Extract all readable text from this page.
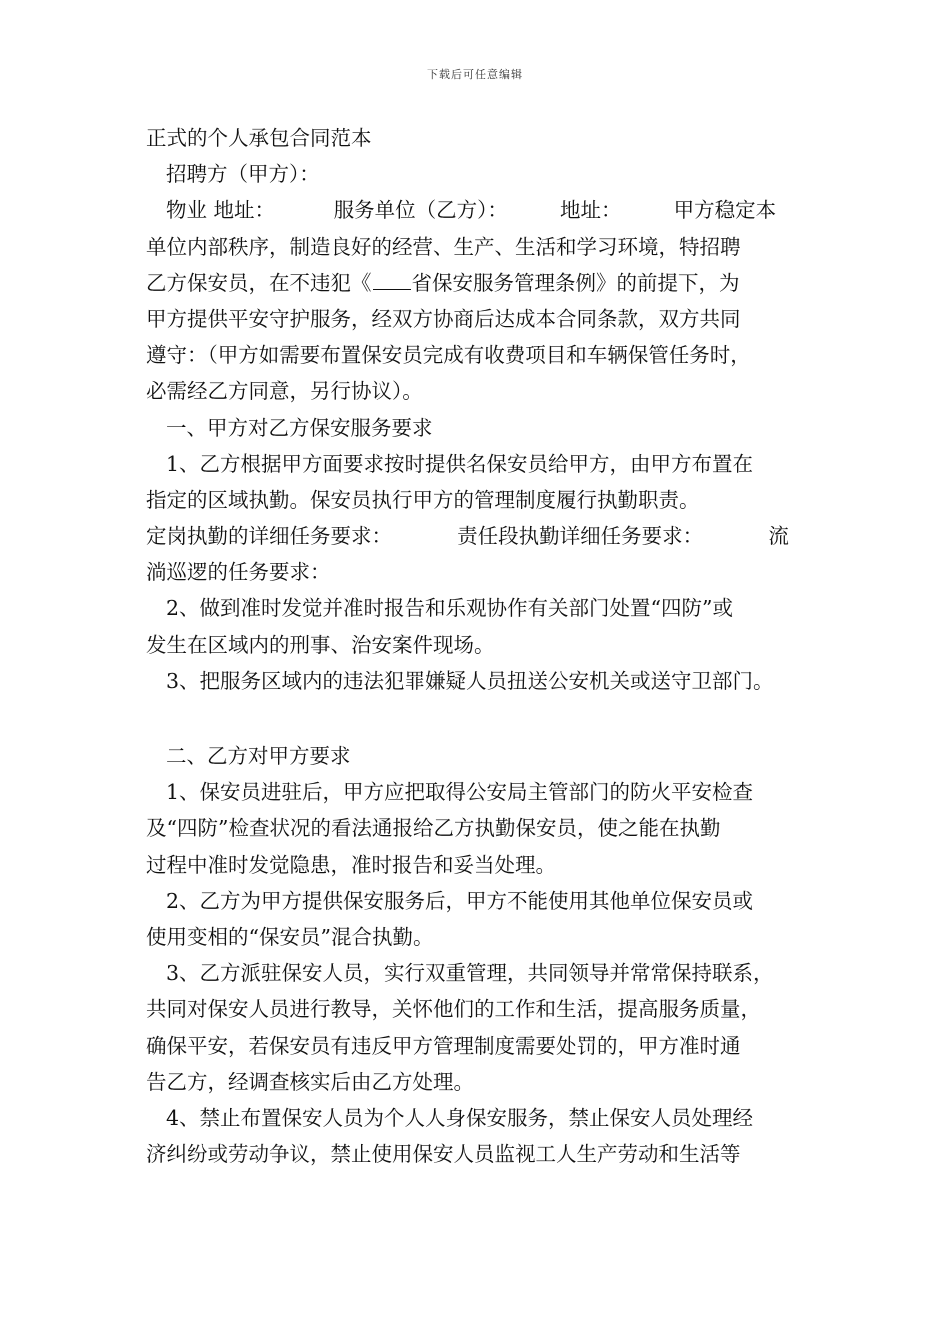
下载后可任意编辑
正式的个人承包合同范本
招聘方（甲方）：
物业 地址：         服务单位（乙方）：        地址：        甲方稳定本
单位内部秩序，制造良好的经营、生产、生活和学习环境，特招聘
乙方保安员，在不违犯《 省保安服务管理条例》的前提下，为
甲方提供平安守护服务，经双方协商后达成本合同条款，双方共同
遵守：（甲方如需要布置保安员完成有收费项目和车辆保管任务时，
必需经乙方同意，另行协议）。
一、甲方对乙方保安服务要求
1、乙方根据甲方面要求按时提供名保安员给甲方，由甲方布置在
指定的区域执勤。保安员执行甲方的管理制度履行执勤职责。
定岗执勤的详细任务要求：          责任段执勤详细任务要求：          流
淌巡逻的任务要求：
2、做到准时发觉并准时报告和乐观协作有关部门处置“四防”或
发生在区域内的刑事、治安案件现场。
3、把服务区域内的违法犯罪嫌疑人员扭送公安机关或送守卫部门。
二、乙方对甲方要求
1、保安员进驻后，甲方应把取得公安局主管部门的防火平安检查
及“四防”检查状况的看法通报给乙方执勤保安员，使之能在执勤
过程中准时发觉隐患，准时报告和妥当处理。
2、乙方为甲方提供保安服务后，甲方不能使用其他单位保安员或
使用变相的“保安员”混合执勤。
3、乙方派驻保安人员，实行双重管理，共同领导并常常保持联系，
共同对保安人员进行教导，关怀他们的工作和生活，提高服务质量，
确保平安，若保安员有违反甲方管理制度需要处罚的，甲方准时通
告乙方，经调查核实后由乙方处理。
4、禁止布置保安人员为个人人身保安服务，禁止保安人员处理经
济纠纷或劳动争议，禁止使用保安人员监视工人生产劳动和生活等
